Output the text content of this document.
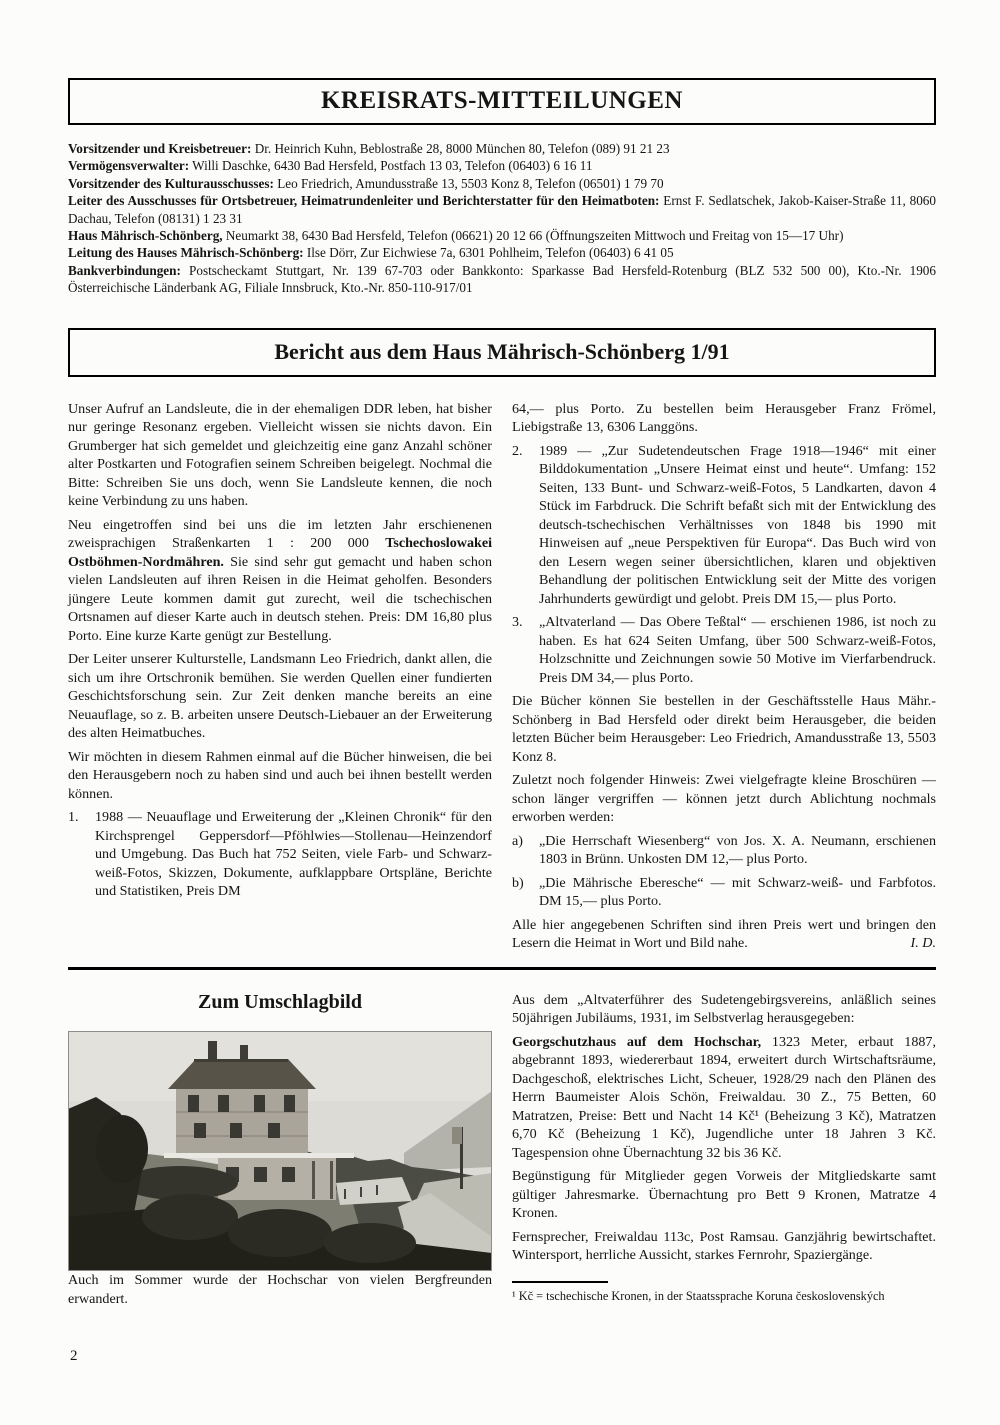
KREISRATS-MITTEILUNGEN

Vorsitzender und Kreisbetreuer: Dr. Heinrich Kuhn, Beblostraße 28, 8000 München 80, Telefon (089) 91 21 23

Vermögensverwalter: Willi Daschke, 6430 Bad Hersfeld, Postfach 13 03, Telefon (06403) 6 16 11

Vorsitzender des Kulturausschusses: Leo Friedrich, Amundusstraße 13, 5503 Konz 8, Telefon (06501) 1 79 70

Leiter des Ausschusses für Ortsbetreuer, Heimatrundenleiter und Berichterstatter für den Heimatboten: Ernst F. Sedlatschek, Jakob-Kaiser-Straße 11, 8060 Dachau, Telefon (08131) 1 23 31

Haus Mährisch-Schönberg, Neumarkt 38, 6430 Bad Hersfeld, Telefon (06621) 20 12 66 (Öffnungszeiten Mittwoch und Freitag von 15—17 Uhr)

Leitung des Hauses Mährisch-Schönberg: Ilse Dörr, Zur Eichwiese 7a, 6301 Pohlheim, Telefon (06403) 6 41 05

Bankverbindungen: Postscheckamt Stuttgart, Nr. 139 67-703 oder Bankkonto: Sparkasse Bad Hersfeld-Rotenburg (BLZ 532 500 00), Kto.-Nr. 1906 Österreichische Länderbank AG, Filiale Innsbruck, Kto.-Nr. 850-110-917/01

Bericht aus dem Haus Mährisch-Schönberg 1/91

Unser Aufruf an Landsleute, die in der ehemaligen DDR leben, hat bisher nur geringe Resonanz ergeben. Vielleicht wissen sie nichts davon. Ein Grumberger hat sich gemeldet und gleichzeitig eine ganz Anzahl schöner alter Postkarten und Fotografien seinem Schreiben beigelegt. Nochmal die Bitte: Schreiben Sie uns doch, wenn Sie Landsleute kennen, die noch keine Verbindung zu uns haben.

Neu eingetroffen sind bei uns die im letzten Jahr erschienenen zweisprachigen Straßenkarten 1 : 200 000 Tschechoslowakei Ostböhmen-Nordmähren. Sie sind sehr gut gemacht und haben schon vielen Landsleuten auf ihren Reisen in die Heimat geholfen. Besonders jüngere Leute kommen damit gut zurecht, weil die tschechischen Ortsnamen auf dieser Karte auch in deutsch stehen. Preis: DM 16,80 plus Porto. Eine kurze Karte genügt zur Bestellung.

Der Leiter unserer Kulturstelle, Landsmann Leo Friedrich, dankt allen, die sich um ihre Ortschronik bemühen. Sie werden Quellen einer fundierten Geschichtsforschung sein. Zur Zeit denken manche bereits an eine Neuauflage, so z. B. arbeiten unsere Deutsch-Liebauer an der Erweiterung des alten Heimatbuches.

Wir möchten in diesem Rahmen einmal auf die Bücher hinweisen, die bei den Herausgebern noch zu haben sind und auch bei ihnen bestellt werden können.

1.	1988 — Neuauflage und Erweiterung der „Kleinen Chronik“ für den Kirchsprengel Geppersdorf—Pföhlwies—Stollenau—Heinzendorf und Umgebung. Das Buch hat 752 Seiten, viele Farb- und Schwarz-weiß-Fotos, Skizzen, Dokumente, aufklappbare Ortspläne, Berichte und Statistiken, Preis DM

64,— plus Porto. Zu bestellen beim Herausgeber Franz Frömel, Liebigstraße 13, 6306 Langgöns.

2.	1989 — „Zur Sudetendeutschen Frage 1918—1946“ mit einer Bilddokumentation „Unsere Heimat einst und heute“. Umfang: 152 Seiten, 133 Bunt- und Schwarz-weiß-Fotos, 5 Landkarten, davon 4 Stück im Farbdruck. Die Schrift befaßt sich mit der Entwicklung des deutsch-tschechischen Verhältnisses von 1848 bis 1990 mit Hinweisen auf „neue Perspektiven für Europa“. Das Buch wird von den Lesern wegen seiner übersichtlichen, klaren und objektiven Behandlung der politischen Entwicklung seit der Mitte des vorigen Jahrhunderts gewürdigt und gelobt. Preis DM 15,— plus Porto.
3.	„Altvaterland — Das Obere Teßtal“ — erschienen 1986, ist noch zu haben. Es hat 624 Seiten Umfang, über 500 Schwarz-weiß-Fotos, Holzschnitte und Zeichnungen sowie 50 Motive im Vierfarbendruck. Preis DM 34,— plus Porto.

Die Bücher können Sie bestellen in der Geschäftsstelle Haus Mähr.-Schönberg in Bad Hersfeld oder direkt beim Herausgeber, die beiden letzten Bücher beim Herausgeber: Leo Friedrich, Amandusstraße 13, 5503 Konz 8.

Zuletzt noch folgender Hinweis: Zwei vielgefragte kleine Broschüren — schon länger vergriffen — können jetzt durch Ablichtung nochmals erworben werden:

a)	„Die Herrschaft Wiesenberg“ von Jos. X. A. Neumann, erschienen 1803 in Brünn. Unkosten DM 12,— plus Porto.
b)	„Die Mährische Eberesche“ — mit Schwarz-weiß- und Farbfotos. DM 15,— plus Porto.

Alle hier angegebenen Schriften sind ihren Preis wert und bringen den Lesern die Heimat in Wort und Bild nahe.	I. D.

Zum Umschlagbild

Auch im Sommer wurde der Hochschar von vielen Bergfreunden erwandert.

Aus dem „Altvaterführer des Sudetengebirgsvereins, anläßlich seines 50jährigen Jubiläums, 1931, im Selbstverlag herausgegeben:

Georgschutzhaus auf dem Hochschar, 1323 Meter, erbaut 1887, abgebrannt 1893, wiedererbaut 1894, erweitert durch Wirtschaftsräume, Dachgeschoß, elektrisches Licht, Scheuer, 1928/29 nach den Plänen des Herrn Baumeister Alois Schön, Freiwaldau. 30 Z., 75 Betten, 60 Matratzen, Preise: Bett und Nacht 14 Kč¹ (Beheizung 3 Kč), Matratzen 6,70 Kč (Beheizung 1 Kč), Jugendliche unter 18 Jahren 3 Kč. Tagespension ohne Übernachtung 32 bis 36 Kč.

Begünstigung für Mitglieder gegen Vorweis der Mitgliedskarte samt gültiger Jahresmarke. Übernachtung pro Bett 9 Kronen, Matratze 4 Kronen.

Fernsprecher, Freiwaldau 113c, Post Ramsau. Ganzjährig bewirtschaftet. Wintersport, herrliche Aussicht, starkes Fernrohr, Spaziergänge.

¹ Kč = tschechische Kronen, in der Staatssprache Koruna československých

2
